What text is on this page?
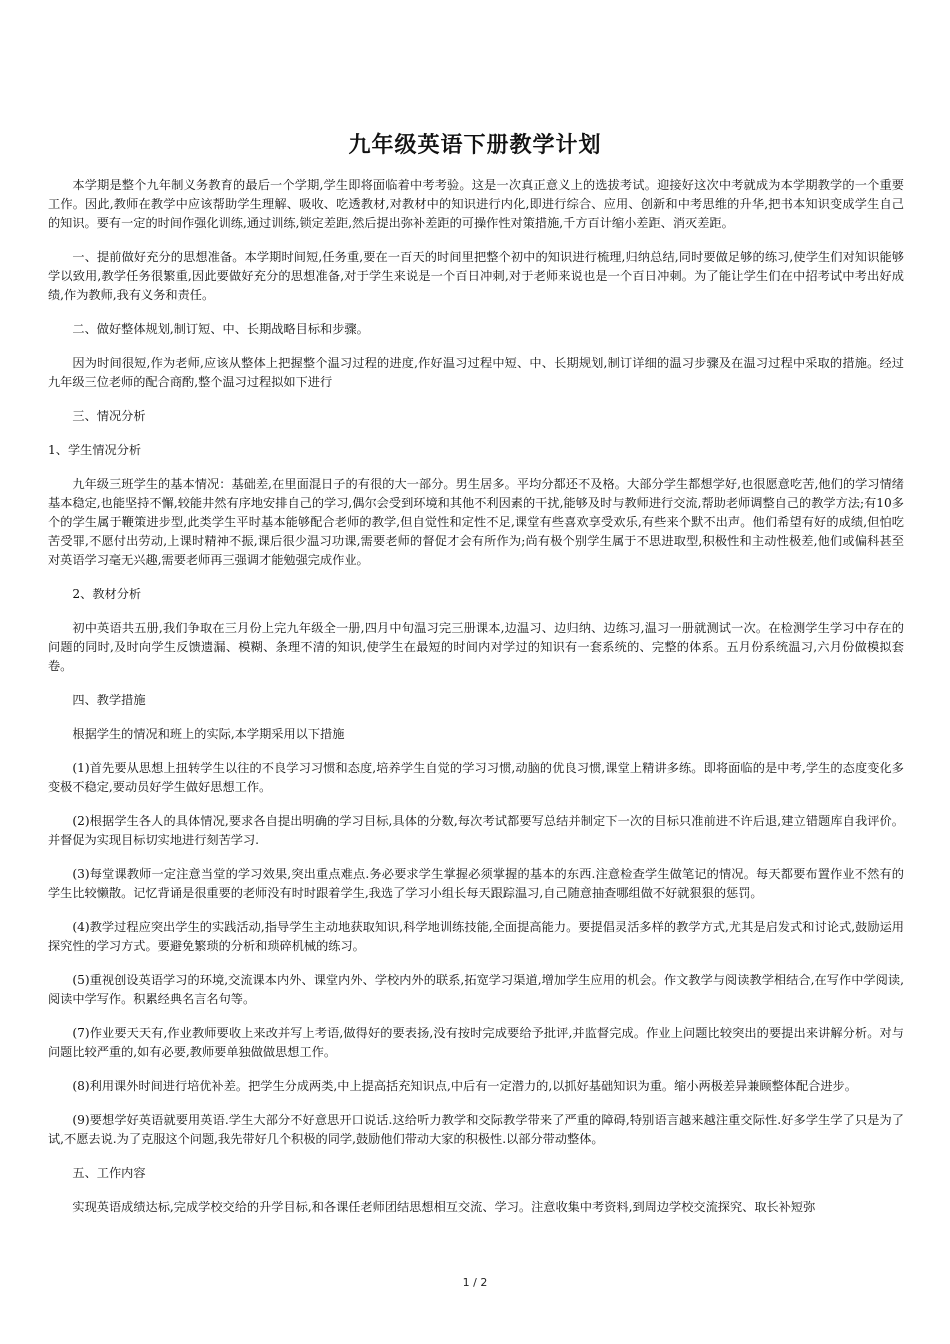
九年级英语下册教学计划

本学期是整个九年制义务教育的最后一个学期,学生即将面临着中考考验。这是一次真正意义上的选拔考试。迎接好这次中考就成为本学期教学的一个重要工作。因此,教师在教学中应该帮助学生理解、吸收、吃透教材,对教材中的知识进行内化,即进行综合、应用、创新和中考思维的升华,把书本知识变成学生自己的知识。要有一定的时间作强化训练,通过训练,锁定差距,然后提出弥补差距的可操作性对策措施,千方百计缩小差距、消灭差距。

一、提前做好充分的思想准备。本学期时间短,任务重,要在一百天的时间里把整个初中的知识进行梳理,归纳总结,同时要做足够的练习,使学生们对知识能够学以致用,教学任务很繁重,因此要做好充分的思想准备,对于学生来说是一个百日冲刺,对于老师来说也是一个百日冲刺。为了能让学生们在中招考试中考出好成绩,作为教师,我有义务和责任。

二、做好整体规划,制订短、中、长期战略目标和步骤。

因为时间很短,作为老师,应该从整体上把握整个温习过程的进度,作好温习过程中短、中、长期规划,制订详细的温习步骤及在温习过程中采取的措施。经过九年级三位老师的配合商酌,整个温习过程拟如下进行

三、情况分析

1、学生情况分析

九年级三班学生的基本情况：基础差,在里面混日子的有很的大一部分。男生居多。平均分都还不及格。大部分学生都想学好,也很愿意吃苦,他们的学习情绪基本稳定,也能坚持不懈,较能井然有序地安排自己的学习,偶尔会受到环境和其他不利因素的干扰,能够及时与教师进行交流,帮助老师调整自己的教学方法;有10多个的学生属于鞭策进步型,此类学生平时基本能够配合老师的教学,但自觉性和定性不足,课堂有些喜欢享受欢乐,有些来个默不出声。他们希望有好的成绩,但怕吃苦受罪,不愿付出劳动,上课时精神不振,课后很少温习功课,需要老师的督促才会有所作为;尚有极个别学生属于不思进取型,积极性和主动性极差,他们或偏科甚至对英语学习毫无兴趣,需要老师再三强调才能勉强完成作业。

2、教材分析

初中英语共五册,我们争取在三月份上完九年级全一册,四月中旬温习完三册课本,边温习、边归纳、边练习,温习一册就测试一次。在检测学生学习中存在的问题的同时,及时向学生反馈遗漏、模糊、条理不清的知识,使学生在最短的时间内对学过的知识有一套系统的、完整的体系。五月份系统温习,六月份做模拟套卷。

四、教学措施

根据学生的情况和班上的实际,本学期采用以下措施

(1)首先要从思想上扭转学生以往的不良学习习惯和态度,培养学生自觉的学习习惯,动脑的优良习惯,课堂上精讲多练。即将面临的是中考,学生的态度变化多变极不稳定,要动员好学生做好思想工作。

(2)根据学生各人的具体情况,要求各自提出明确的学习目标,具体的分数,每次考试都要写总结并制定下一次的目标只准前进不许后退,建立错题库自我评价。并督促为实现目标切实地进行刻苦学习.

(3)每堂课教师一定注意当堂的学习效果,突出重点难点.务必要求学生掌握必须掌握的基本的东西.注意检查学生做笔记的情况。每天都要布置作业不然有的学生比较懒散。记忆背诵是很重要的老师没有时时跟着学生,我选了学习小组长每天跟踪温习,自己随意抽查哪组做不好就狠狠的惩罚。

(4)教学过程应突出学生的实践活动,指导学生主动地获取知识,科学地训练技能,全面提高能力。要提倡灵活多样的教学方式,尤其是启发式和讨论式,鼓励运用探究性的学习方式。要避免繁琐的分析和琐碎机械的练习。

(5)重视创设英语学习的环境,交流课本内外、课堂内外、学校内外的联系,拓宽学习渠道,增加学生应用的机会。作文教学与阅读教学相结合,在写作中学阅读,阅读中学写作。积累经典名言名句等。

(7)作业要天天有,作业教师要收上来改并写上考语,做得好的要表扬,没有按时完成要给予批评,并监督完成。作业上问题比较突出的要提出来讲解分析。对与问题比较严重的,如有必要,教师要单独做做思想工作。

(8)利用课外时间进行培优补差。把学生分成两类,中上提高括充知识点,中后有一定潜力的,以抓好基础知识为重。缩小两极差异兼顾整体配合进步。

(9)要想学好英语就要用英语.学生大部分不好意思开口说话.这给听力教学和交际教学带来了严重的障碍,特别语言越来越注重交际性.好多学生学了只是为了试,不愿去说.为了克服这个问题,我先带好几个积极的同学,鼓励他们带动大家的积极性.以部分带动整体。

五、工作内容

实现英语成绩达标,完成学校交给的升学目标,和各课任老师团结思想相互交流、学习。注意收集中考资料,到周边学校交流探究、取长补短弥

1 / 2
